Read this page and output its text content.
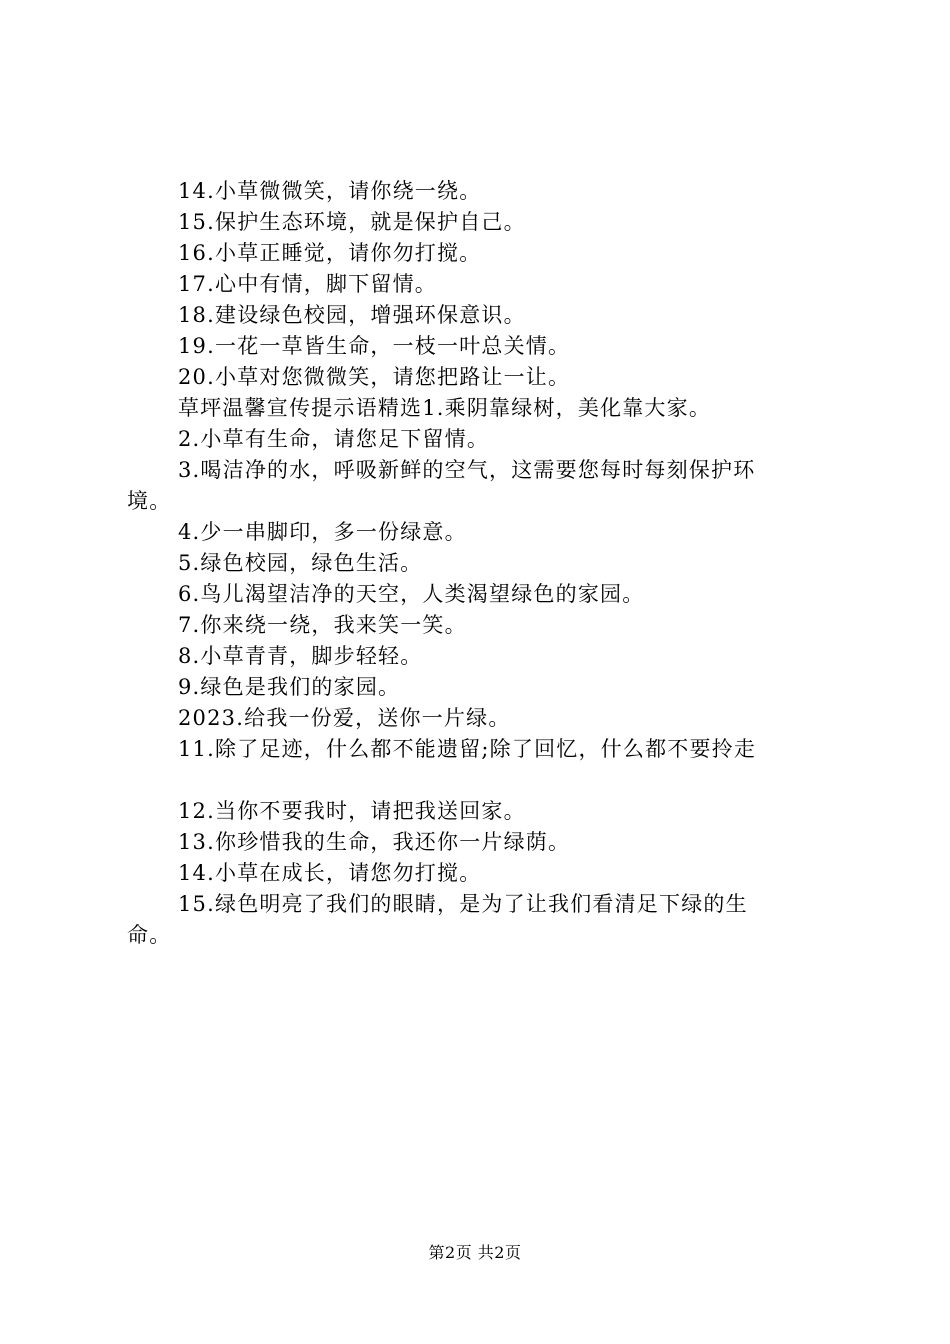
14.小草微微笑，请你绕一绕。
15.保护生态环境，就是保护自己。
16.小草正睡觉，请你勿打搅。
17.心中有情，脚下留情。
18.建设绿色校园，增强环保意识。
19.一花一草皆生命，一枝一叶总关情。
20.小草对您微微笑，请您把路让一让。
草坪温馨宣传提示语精选1.乘阴靠绿树，美化靠大家。
2.小草有生命，请您足下留情。
3.喝洁净的水，呼吸新鲜的空气，这需要您每时每刻保护环
境。
4.少一串脚印，多一份绿意。
5.绿色校园，绿色生活。
6.鸟儿渴望洁净的天空，人类渴望绿色的家园。
7.你来绕一绕，我来笑一笑。
8.小草青青，脚步轻轻。
9.绿色是我们的家园。
2023.给我一份爱，送你一片绿。
11.除了足迹，什么都不能遗留;除了回忆，什么都不要拎走
12.当你不要我时，请把我送回家。
13.你珍惜我的生命，我还你一片绿荫。
14.小草在成长，请您勿打搅。
15.绿色明亮了我们的眼睛，是为了让我们看清足下绿的生
命。
第2页 共2页
